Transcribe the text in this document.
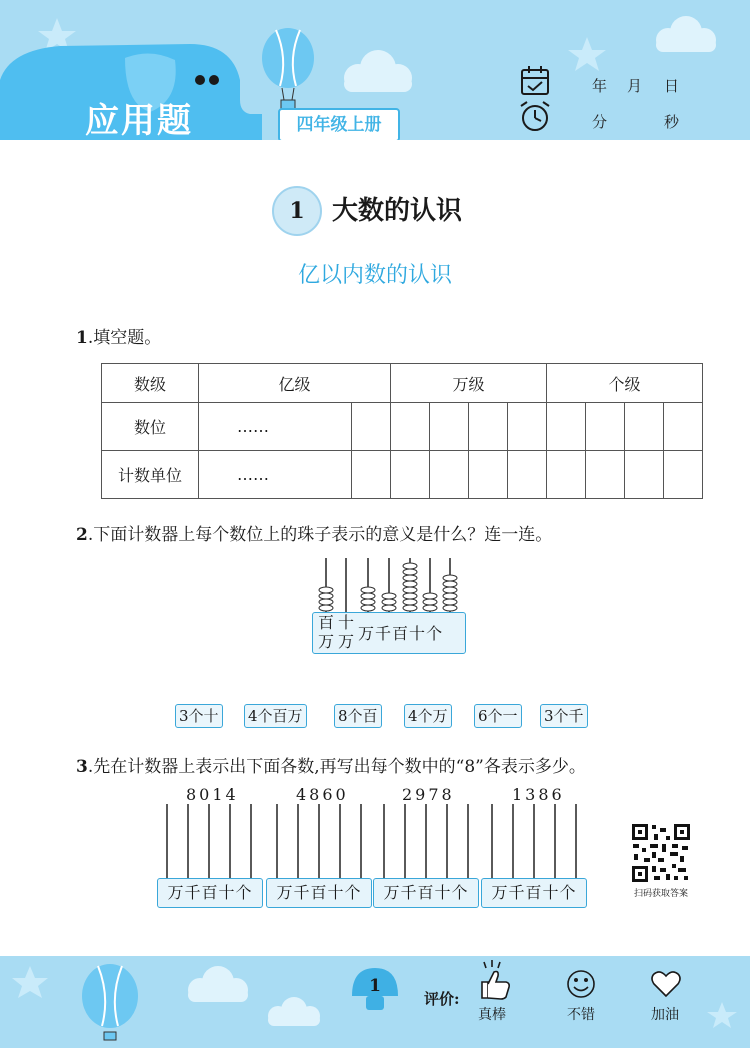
应用题	四年级上册
年 月 日
分	秒
1	大数的认识
亿以内数的认识
1.填空题。
数级	亿级		万级				个级			
数位	……									
计数单位	……									
2.下面计数器上每个数位上的珠子表示的意义是什么？连一连。
百
万
十
万 万千百十个
3个十 4个百万 8个百 4个万 6个一 3个千
3.先在计数器上表示出下面各数,再写出每个数中的“8”各表示多少。
8014	4860	2978	1386
万千百十个	万千百十个	万千百十个	万千百十个	扫码获取答案
1
评价:
真棒	不错	加油
